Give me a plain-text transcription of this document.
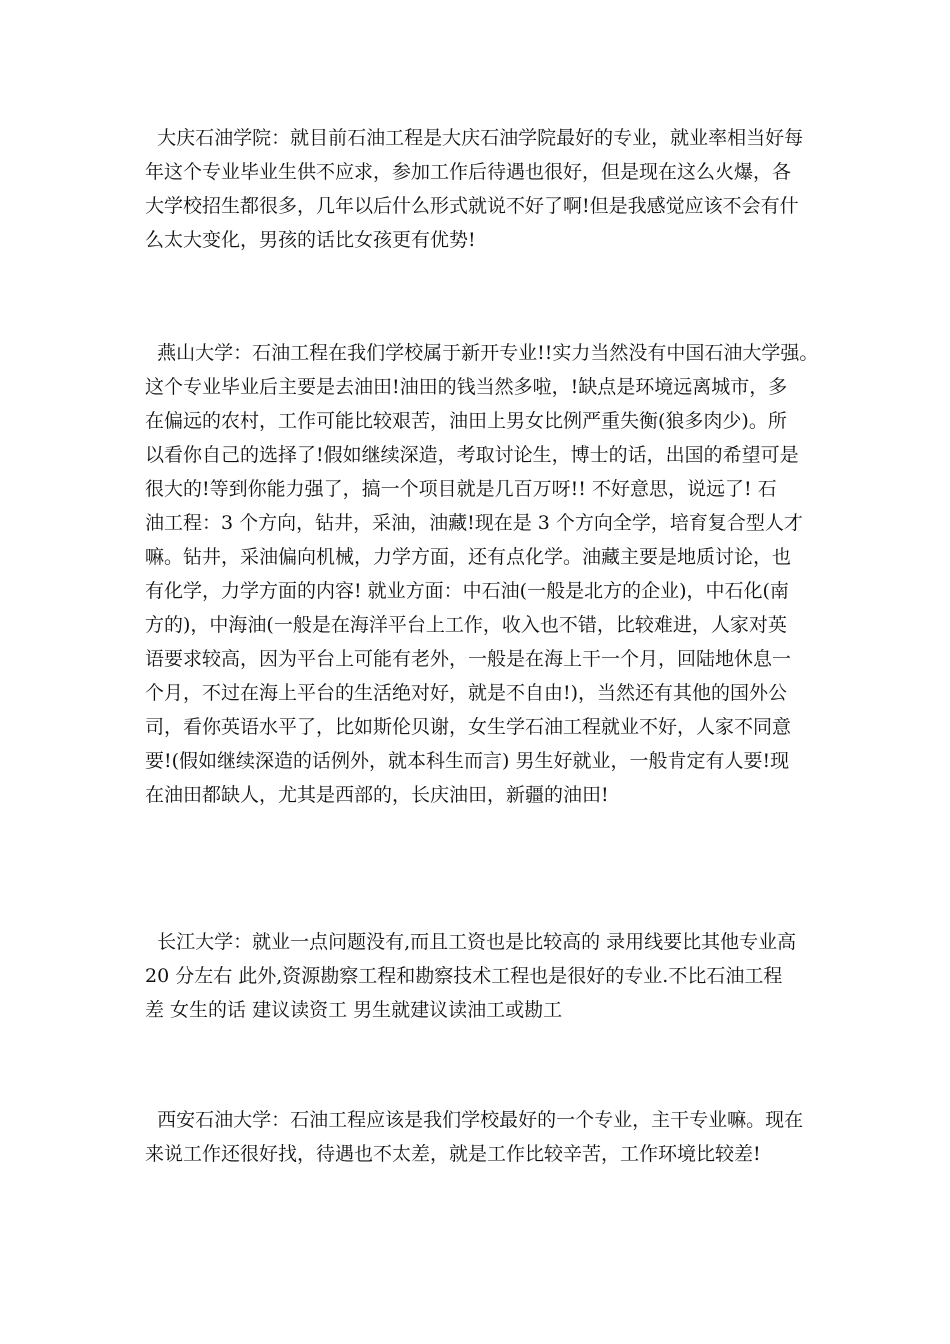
大庆石油学院：就目前石油工程是大庆石油学院最好的专业，就业率相当好每
年这个专业毕业生供不应求，参加工作后待遇也很好，但是现在这么火爆，各
大学校招生都很多，几年以后什么形式就说不好了啊!但是我感觉应该不会有什
么太大变化，男孩的话比女孩更有优势!
燕山大学：石油工程在我们学校属于新开专业!!实力当然没有中国石油大学强。
这个专业毕业后主要是去油田!油田的钱当然多啦，!缺点是环境远离城市，多
在偏远的农村，工作可能比较艰苦，油田上男女比例严重失衡(狼多肉少)。所
以看你自己的选择了!假如继续深造，考取讨论生，博士的话，出国的希望可是
很大的!等到你能力强了，搞一个项目就是几百万呀!! 不好意思，说远了! 石
油工程：3 个方向，钻井，采油，油藏!现在是 3 个方向全学，培育复合型人才
嘛。钻井，采油偏向机械，力学方面，还有点化学。油藏主要是地质讨论，也
有化学，力学方面的内容! 就业方面：中石油(一般是北方的企业)，中石化(南
方的)，中海油(一般是在海洋平台上工作，收入也不错，比较难进，人家对英
语要求较高，因为平台上可能有老外，一般是在海上干一个月，回陆地休息一
个月，不过在海上平台的生活绝对好，就是不自由!)，当然还有其他的国外公
司，看你英语水平了，比如斯伦贝谢，女生学石油工程就业不好，人家不同意
要!(假如继续深造的话例外，就本科生而言) 男生好就业，一般肯定有人要!现
在油田都缺人，尤其是西部的，长庆油田，新疆的油田!
长江大学：就业一点问题没有,而且工资也是比较高的 录用线要比其他专业高
20 分左右 此外,资源勘察工程和勘察技术工程也是很好的专业.不比石油工程
差 女生的话 建议读资工 男生就建议读油工或勘工
西安石油大学：石油工程应该是我们学校最好的一个专业，主干专业嘛。现在
来说工作还很好找，待遇也不太差，就是工作比较辛苦，工作环境比较差!
